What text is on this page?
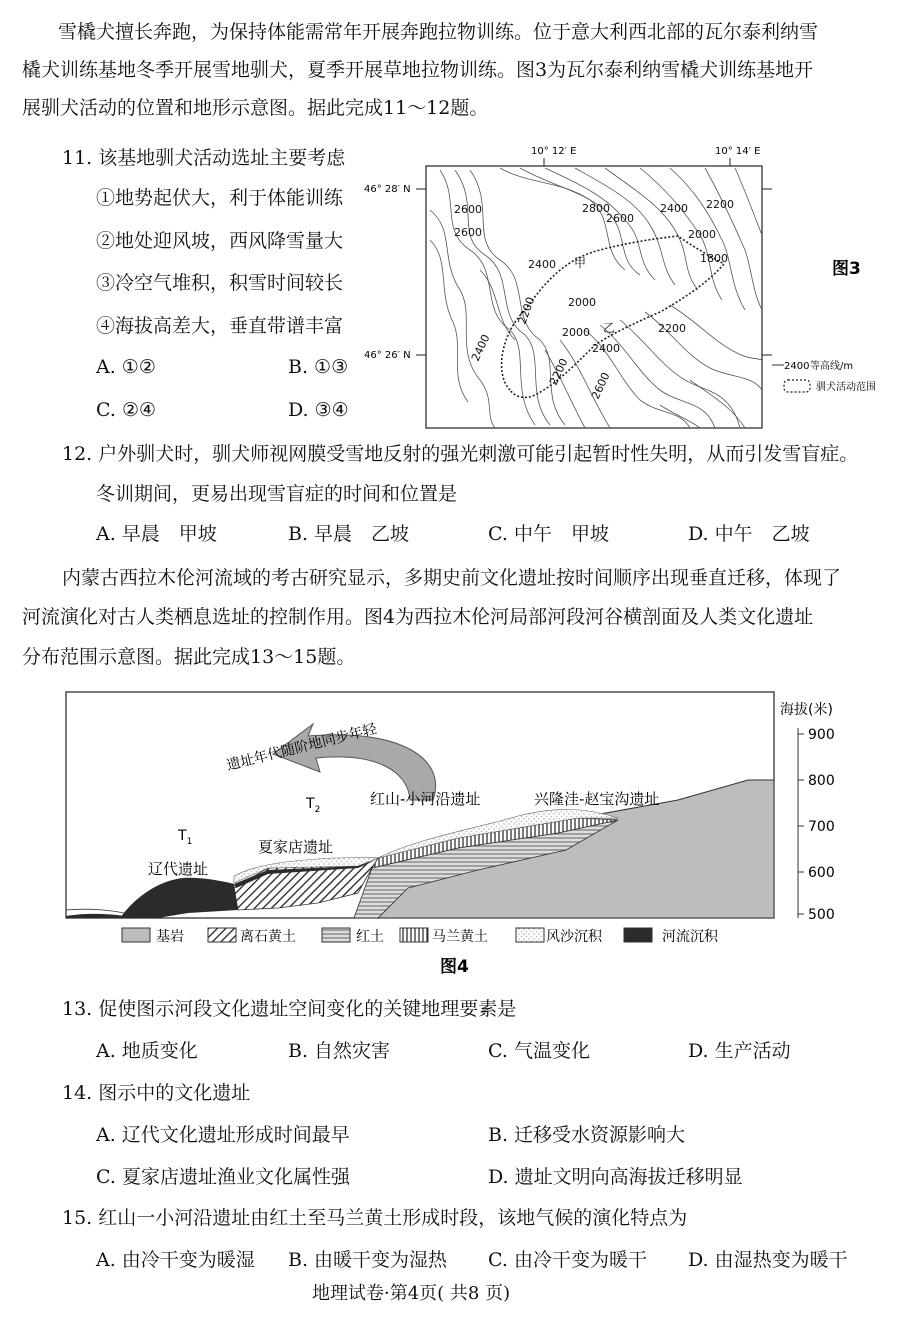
雪橇犬擅长奔跑，为保持体能需常年开展奔跑拉物训练。位于意大利西北部的瓦尔泰利纳雪
橇犬训练基地冬季开展雪地驯犬，夏季开展草地拉物训练。图3为瓦尔泰利纳雪橇犬训练基地开
展驯犬活动的位置和地形示意图。据此完成11～12题。
11. 该基地驯犬活动选址主要考虑
①地势起伏大，利于体能训练
②地处迎风坡，西风降雪量大
③冷空气堆积，积雪时间较长
④海拔高差大，垂直带谱丰富
A. ①②	B. ①③
C. ②④	D. ③④
10° 12′ E	10° 14′ E
46° 28′ N
46° 26′ N
2600
2600
2800
2600
2400 2200
2000
1800
2400
2200	2000
2000	2200
2400
2400
2200 2600
甲
乙
图3
2400 等高线/m
驯犬活动范围
12. 户外驯犬时，驯犬师视网膜受雪地反射的强光刺激可能引起暂时性失明，从而引发雪盲症。
冬训期间，更易出现雪盲症的时间和位置是
A. 早晨　甲坡	B. 早晨　乙坡	C. 中午　甲坡	D. 中午　乙坡
内蒙古西拉木伦河流域的考古研究显示，多期史前文化遗址按时间顺序出现垂直迁移，体现了
河流演化对古人类栖息选址的控制作用。图4为西拉木伦河局部河段河谷横剖面及人类文化遗址
分布范围示意图。据此完成13～15题。
遗址年代随阶地同步年轻
$T_1$
$T_2$
辽代遗址
夏家店遗址
红山-小河沿遗址	兴隆洼-赵宝沟遗址
海拔(米)
900
800
700
600
500
基岩	离石黄土	红土	马兰黄土	风沙沉积	河流沉积
图4
13. 促使图示河段文化遗址空间变化的关键地理要素是
A. 地质变化	B. 自然灾害	C. 气温变化	D. 生产活动
14. 图示中的文化遗址
A. 辽代文化遗址形成时间最早	B. 迁移受水资源影响大
C. 夏家店遗址渔业文化属性强	D. 遗址文明向高海拔迁移明显
15. 红山一小河沿遗址由红土至马兰黄土形成时段，该地气候的演化特点为
A. 由冷干变为暖湿 B. 由暖干变为湿热 C. 由冷干变为暖干 D. 由湿热变为暖干
地理试卷·第4页( 共8 页)
